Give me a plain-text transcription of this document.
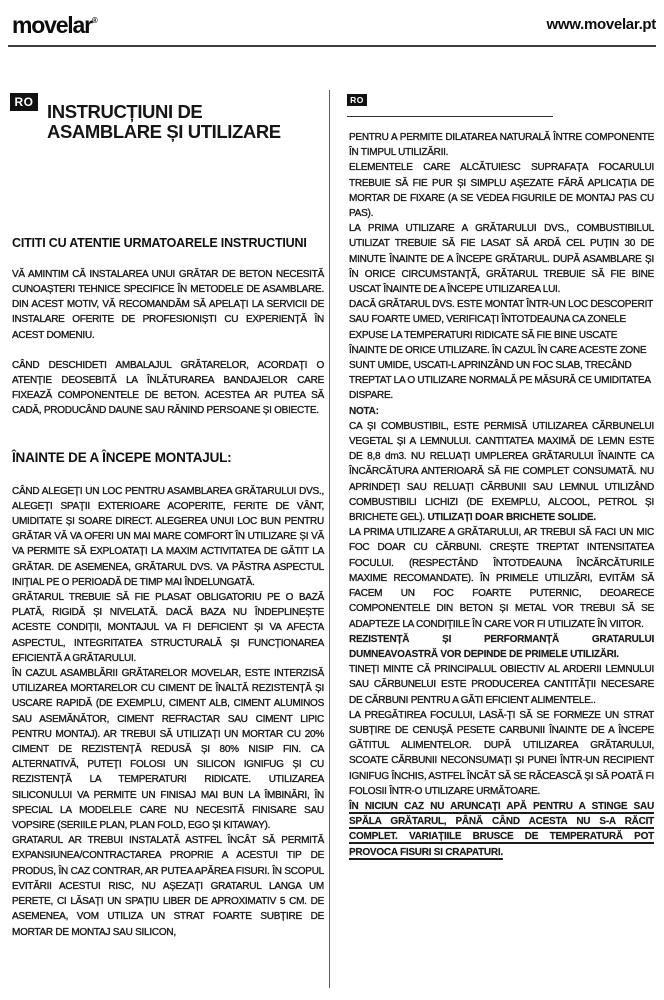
movelar®	www.movelar.pt
RO INSTRUCȚIUNI DE
ASAMBLARE ȘI UTILIZARE
CITITI CU ATENTIE URMATOARELE INSTRUCTIUNI

VĂ AMINTIM CĂ INSTALAREA UNUI GRĂTAR DE BETON NECESITĂ CUNOAȘTERI TEHNICE SPECIFICE ÎN METODELE DE ASAMBLARE. DIN ACEST MOTIV, VĂ RECOMANDĂM SĂ APELAȚI LA SERVICII DE INSTALARE OFERITE DE PROFESIONIȘTI CU EXPERIENȚĂ ÎN ACEST DOMENIU.

CÂND DESCHIDETI AMBALAJUL GRĂTARELOR, ACORDAȚI O ATENȚIE DEOSEBITĂ LA ÎNLĂTURAREA BANDAJELOR CARE FIXEAZĂ COMPONENTELE DE BETON. ACESTEA AR PUTEA SĂ CADĂ, PRODUCÂND DAUNE SAU RĂNIND PERSOANE ȘI OBIECTE.

ÎNAINTE DE A ÎNCEPE MONTAJUL:

CÂND ALEGEȚI UN LOC PENTRU ASAMBLAREA GRĂTARULUI DVS., ALEGEȚI SPAȚII EXTERIOARE ACOPERITE, FERITE DE VÂNT, UMIDITATE ȘI SOARE DIRECT. ALEGEREA UNUI LOC BUN PENTRU GRĂTAR VĂ VA OFERI UN MAI MARE COMFORT ÎN UTILIZARE ȘI VĂ VA PERMITE SĂ EXPLOATAȚI LA MAXIM ACTIVITATEA DE GĂTIT LA GRĂTAR. DE ASEMENEA, GRĂTARUL DVS. VA PĂSTRA ASPECTUL INIȚIAL PE O PERIOADĂ DE TIMP MAI ÎNDELUNGATĂ.

GRĂTARUL TREBUIE SĂ FIE PLASAT OBLIGATORIU PE O BAZĂ PLATĂ, RIGIDĂ ȘI NIVELATĂ. DACĂ BAZA NU ÎNDEPLINEȘTE ACESTE CONDIȚII, MONTAJUL VA FI DEFICIENT ȘI VA AFECTA ASPECTUL, INTEGRITATEA STRUCTURALĂ ȘI FUNCȚIONAREA EFICIENTĂ A GRĂTARULUI.

ÎN CAZUL ASAMBLĂRII GRĂTARELOR MOVELAR, ESTE INTERZISĂ UTILIZAREA MORTARELOR CU CIMENT DE ÎNALTĂ REZISTENȚĂ ȘI USCARE RAPIDĂ (DE EXEMPLU, CIMENT ALB, CIMENT ALUMINOS SAU ASEMĂNĂTOR, CIMENT REFRACTAR SAU CIMENT LIPIC PENTRU MONTAJ). AR TREBUI SĂ UTILIZAȚI UN MORTAR CU 20% CIMENT DE REZISTENȚĂ REDUSĂ ȘI 80% NISIP FIN. CA ALTERNATIVĂ, PUTEȚI FOLOSI UN SILICON IGNIFUG ȘI CU REZISTENȚĂ LA TEMPERATURI RIDICATE. UTILIZAREA SILICONULUI VA PERMITE UN FINISAJ MAI BUN LA ÎMBINĂRI, ÎN SPECIAL LA MODELELE CARE NU NECESITĂ FINISARE SAU VOPSIRE (SERIILE PLAN, PLAN FOLD, EGO ȘI KITAWAY).

GRATARUL AR TREBUI INSTALATĂ ASTFEL ÎNCÂT SĂ PERMITĂ EXPANSIUNEA/CONTRACTAREA PROPRIE A ACESTUI TIP DE PRODUS, ÎN CAZ CONTRAR, AR PUTEA APĂREA FISURI. ÎN SCOPUL EVITĂRII ACESTUI RISC, NU AȘEZAȚI GRATARUL LANGA UM PERETE, CI LĂSAȚI UN SPAȚIU LIBER DE APROXIMATIV 5 CM. DE ASEMENEA, VOM UTILIZA UN STRAT FOARTE SUBȚIRE DE MORTAR DE MONTAJ SAU SILICON,

RO

PENTRU A PERMITE DILATAREA NATURALĂ ÎNTRE COMPONENTE ÎN TIMPUL UTILIZĂRII.

ELEMENTELE CARE ALCĂTUIESC SUPRAFAȚA FOCARULUI TREBUIE SĂ FIE PUR ȘI SIMPLU AȘEZATE FĂRĂ APLICAȚIA DE MORTAR DE FIXARE (A SE VEDEA FIGURILE DE MONTAJ PAS CU PAS).

LA PRIMA UTILIZARE A GRĂTARULUI DVS., COMBUSTIBILUL UTILIZAT TREBUIE SĂ FIE LASAT SĂ ARDĂ CEL PUȚIN 30 DE MINUTE ÎNAINTE DE A ÎNCEPE GRĂTARUL. DUPĂ ASAMBLARE ȘI ÎN ORICE CIRCUMSTANȚĂ, GRĂTARUL TREBUIE SĂ FIE BINE USCAT ÎNAINTE DE A ÎNCEPE UTILIZAREA LUI.

DACĂ GRĂTARUL DVS. ESTE MONTAT ÎNTR-UN LOC DESCOPERIT SAU FOARTE UMED, VERIFICAȚI ÎNTOTDEAUNA CA ZONELE EXPUSE LA TEMPERATURI RIDICATE SĂ FIE BINE USCATE ÎNAINTE DE ORICE UTILIZARE. ÎN CAZUL ÎN CARE ACESTE ZONE SUNT UMIDE, USCATI-L APRINZÂND UN FOC SLAB, TRECÂND TREPTAT LA O UTILIZARE NORMALĂ PE MĂSURĂ CE UMIDITATEA DISPARE.

NOTA:

CA ȘI COMBUSTIBIL, ESTE PERMISĂ UTILIZAREA CĂRBUNELUI VEGETAL ȘI A LEMNULUI. CANTITATEA MAXIMĂ DE LEMN ESTE DE 8,8 dm3. NU RELUAȚI UMPLEREA GRĂTARULUI ÎNAINTE CA ÎNCĂRCĂTURA ANTERIOARĂ SĂ FIE COMPLET CONSUMATĂ. NU APRINDEȚI SAU RELUAȚI CĂRBUNII SAU LEMNUL UTILIZÂND COMBUSTIBILI LICHIZI (DE EXEMPLU, ALCOOL, PETROL ȘI BRICHETE GEL). UTILIZAȚI DOAR BRICHETE SOLIDE.

LA PRIMA UTILIZARE A GRĂTARULUI, AR TREBUI SĂ FACI UN MIC FOC DOAR CU CĂRBUNI. CREȘTE TREPTAT INTENSITATEA FOCULUI. (RESPECTÂND ÎNTOTDEAUNA ÎNCĂRCĂTURILE MAXIME RECOMANDATE). ÎN PRIMELE UTILIZĂRI, EVITĂM SĂ FACEM UN FOC FOARTE PUTERNIC, DEOARECE COMPONENTELE DIN BETON ȘI METAL VOR TREBUI SĂ SE ADAPTEZE LA CONDIȚIILE ÎN CARE VOR FI UTILIZATE ÎN VIITOR.

REZISTENȚĂ ȘI PERFORMANȚĂ GRATARULUI DUMNEAVOASTRĂ VOR DEPINDE DE PRIMELE UTILIZĂRI.

TINEȚI MINTE CĂ PRINCIPALUL OBIECTIV AL ARDERII LEMNULUI SAU CĂRBUNELUI ESTE PRODUCEREA CANTITĂȚII NECESARE DE CĂRBUNI PENTRU A GĂTI EFICIENT ALIMENTELE..

LA PREGĂTIREA FOCULUI, LASĂ-ȚI SĂ SE FORMEZE UN STRAT SUBȚIRE DE CENUȘĂ PESETE CARBUNII ÎNAINTE DE A ÎNCEPE GĂTITUL ALIMENTELOR. DUPĂ UTILIZAREA GRĂTARULUI, SCOATE CĂRBUNII NECONSUMAȚI ȘI PUNEI ÎNTR-UN RECIPIENT IGNIFUG ÎNCHIS, ASTFEL ÎNCÂT SĂ SE RĂCEASCĂ ȘI SĂ POATĂ FI FOLOSII ÎNTR-O UTILIZARE URMĂTOARE.

ÎN NICIUN CAZ NU ARUNCAȚI APĂ PENTRU A STINGE SAU SPĂLA GRĂTARUL, PÂNĂ CÂND ACESTA NU S-A RĂCIT COMPLET. VARIAȚIILE BRUSCE DE TEMPERATURĂ POT PROVOCA FISURI SI CRAPATURI.
